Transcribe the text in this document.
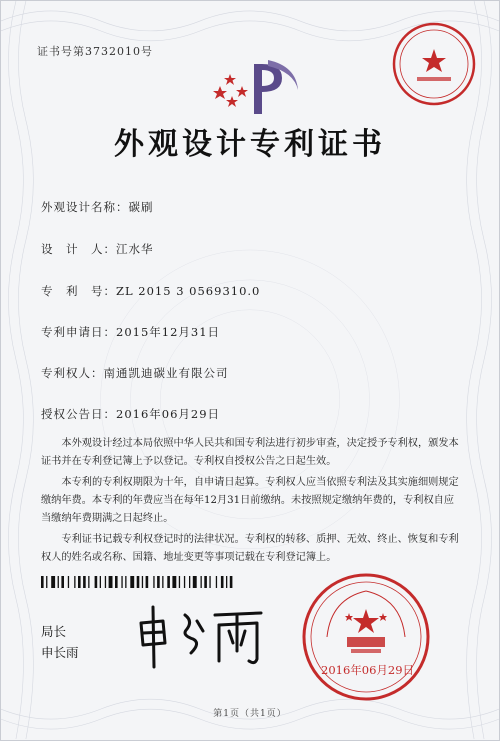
证书号第3732010号
外观设计专利证书
外观设计名称：碳刷
设　计　人：江水华
专　利　号：ZL 2015 3 0569310.0
专利申请日：2015年12月31日
专利权人：南通凯迪碳业有限公司
授权公告日：2016年06月29日

本外观设计经过本局依照中华人民共和国专利法进行初步审查，决定授予专利权，颁发本证书并在专利登记簿上予以登记。专利权自授权公告之日起生效。

本专利的专利权期限为十年，自申请日起算。专利权人应当依照专利法及其实施细则规定缴纳年费。本专利的年费应当在每年12月31日前缴纳。未按照规定缴纳年费的，专利权自应当缴纳年费期满之日起终止。

专利证书记载专利权登记时的法律状况。专利权的转移、质押、无效、终止、恢复和专利权人的姓名或名称、国籍、地址变更等事项记载在专利登记簿上。

局长
申长雨
2016年06月29日
第1页（共1页）
